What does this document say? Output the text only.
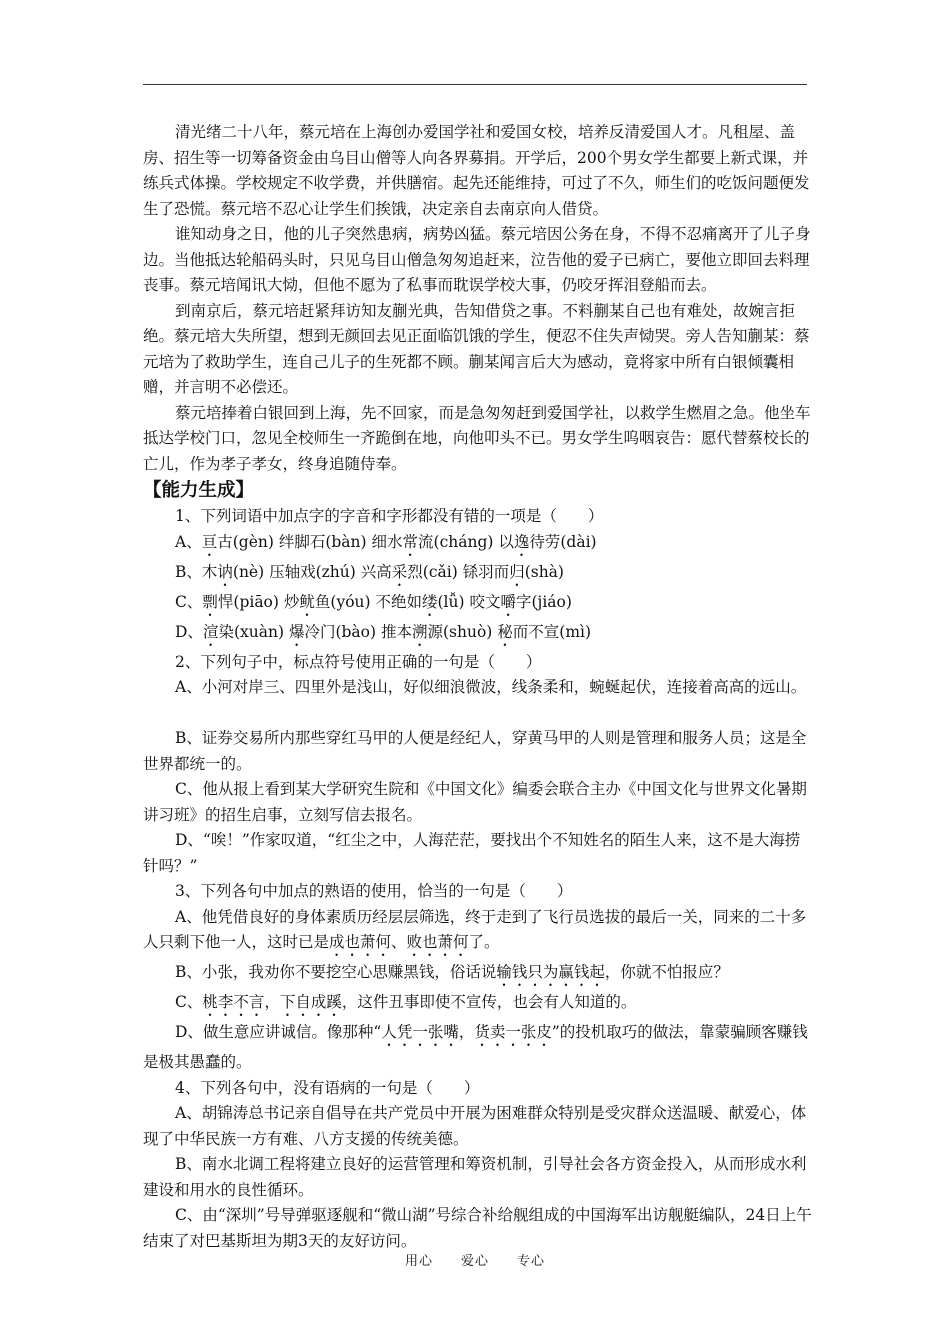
清光绪二十八年，蔡元培在上海创办爱国学社和爱国女校，培养反清爱国人才。凡租屋、盖房、招生等一切筹备资金由乌目山僧等人向各界募捐。开学后，200个男女学生都要上新式课，并练兵式体操。学校规定不收学费，并供膳宿。起先还能维持，可过了不久，师生们的吃饭问题便发生了恐慌。蔡元培不忍心让学生们挨饿，决定亲自去南京向人借贷。

谁知动身之日，他的儿子突然患病，病势凶猛。蔡元培因公务在身，不得不忍痛离开了儿子身边。当他抵达轮船码头时，只见乌目山僧急匆匆追赶来，泣告他的爱子已病亡，要他立即回去料理丧事。蔡元培闻讯大恸，但他不愿为了私事而耽误学校大事，仍咬牙挥泪登船而去。

到南京后，蔡元培赶紧拜访知友蒯光典，告知借贷之事。不料蒯某自己也有难处，故婉言拒绝。蔡元培大失所望，想到无颜回去见正面临饥饿的学生，便忍不住失声恸哭。旁人告知蒯某：蔡元培为了救助学生，连自己儿子的生死都不顾。蒯某闻言后大为感动，竟将家中所有白银倾囊相赠，并言明不必偿还。

蔡元培捧着白银回到上海，先不回家，而是急匆匆赶到爱国学社，以救学生燃眉之急。他坐车抵达学校门口，忽见全校师生一齐跪倒在地，向他叩头不已。男女学生呜咽哀告：愿代替蔡校长的亡儿，作为孝子孝女，终身追随侍奉。

【能力生成】

1、下列词语中加点字的字音和字形都没有错的一项是（　　）

A、亘古(gèn) 绊脚石(bàn) 细水常流(cháng) 以逸待劳(dài)

B、木讷(nè) 压轴戏(zhú) 兴高采烈(cǎi) 铩羽而归(shà)

C、剽悍(piāo) 炒鱿鱼(yóu) 不绝如缕(lǚ) 咬文嚼字(jiáo)

D、渲染(xuàn) 爆冷门(bào) 推本溯源(shuò) 秘而不宣(mì)

2、下列句子中，标点符号使用正确的一句是（　　）

A、小河对岸三、四里外是浅山，好似细浪微波，线条柔和，蜿蜒起伏，连接着高高的远山。

B、证券交易所内那些穿红马甲的人便是经纪人，穿黄马甲的人则是管理和服务人员；这是全世界都统一的。

C、他从报上看到某大学研究生院和《中国文化》编委会联合主办《中国文化与世界文化暑期讲习班》的招生启事，立刻写信去报名。

D、“唉！”作家叹道，“红尘之中，人海茫茫，要找出个不知姓名的陌生人来，这不是大海捞针吗？”

3、下列各句中加点的熟语的使用，恰当的一句是（　　）

A、他凭借良好的身体素质历经层层筛选，终于走到了飞行员选拔的最后一关，同来的二十多人只剩下他一人，这时已是成也萧何、败也萧何了。

B、小张，我劝你不要挖空心思赚黑钱，俗话说输钱只为赢钱起，你就不怕报应？

C、桃李不言，下自成蹊，这件丑事即使不宣传，也会有人知道的。

D、做生意应讲诚信。像那种“人凭一张嘴，货卖一张皮”的投机取巧的做法，靠蒙骗顾客赚钱是极其愚蠢的。

4、下列各句中，没有语病的一句是（　　）

A、胡锦涛总书记亲自倡导在共产党员中开展为困难群众特别是受灾群众送温暖、献爱心，体现了中华民族一方有难、八方支援的传统美德。

B、南水北调工程将建立良好的运营管理和筹资机制，引导社会各方资金投入，从而形成水利建设和用水的良性循环。

C、由“深圳”号导弹驱逐舰和“微山湖”号综合补给舰组成的中国海军出访舰艇编队，24日上午结束了对巴基斯坦为期3天的友好访问。

用心　　爱心　　专心
